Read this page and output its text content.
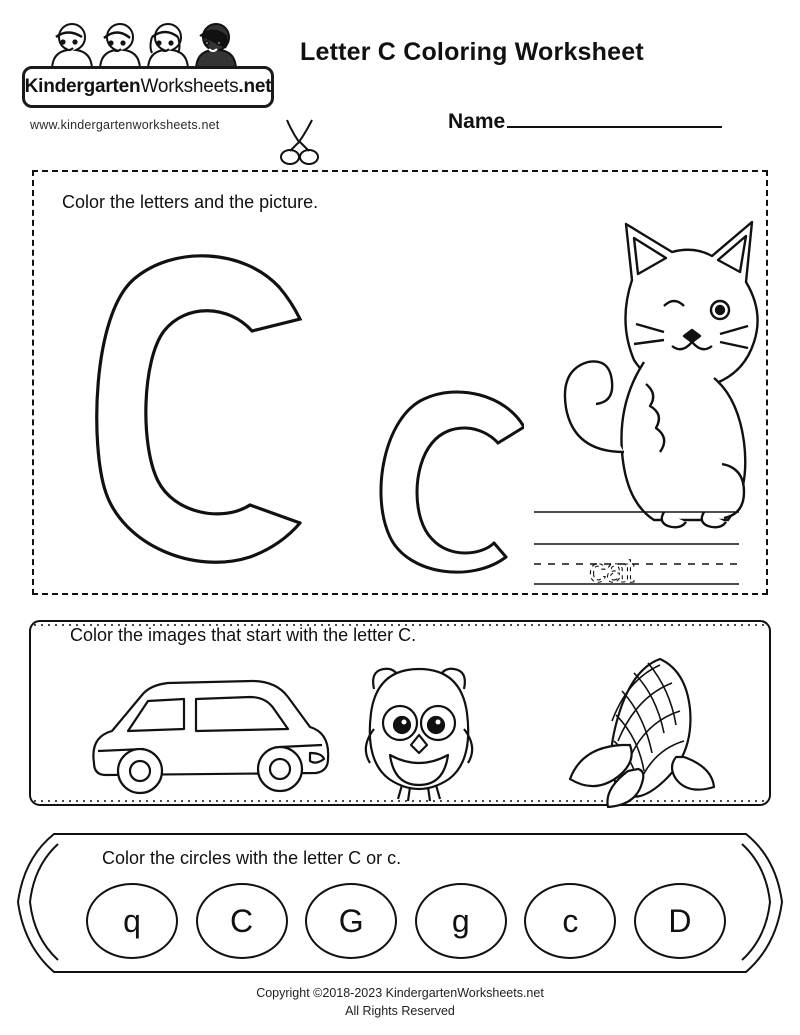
KindergartenWorksheets.net
www.kindergartenworksheets.net
Letter C Coloring Worksheet
Name
Color the letters and the picture.
cat
Color the images that start with the letter C.
Color the circles with the letter C or c.
q	C	G	g	c	D
Copyright ©2018-2023 KindergartenWorksheets.net
All Rights Reserved
